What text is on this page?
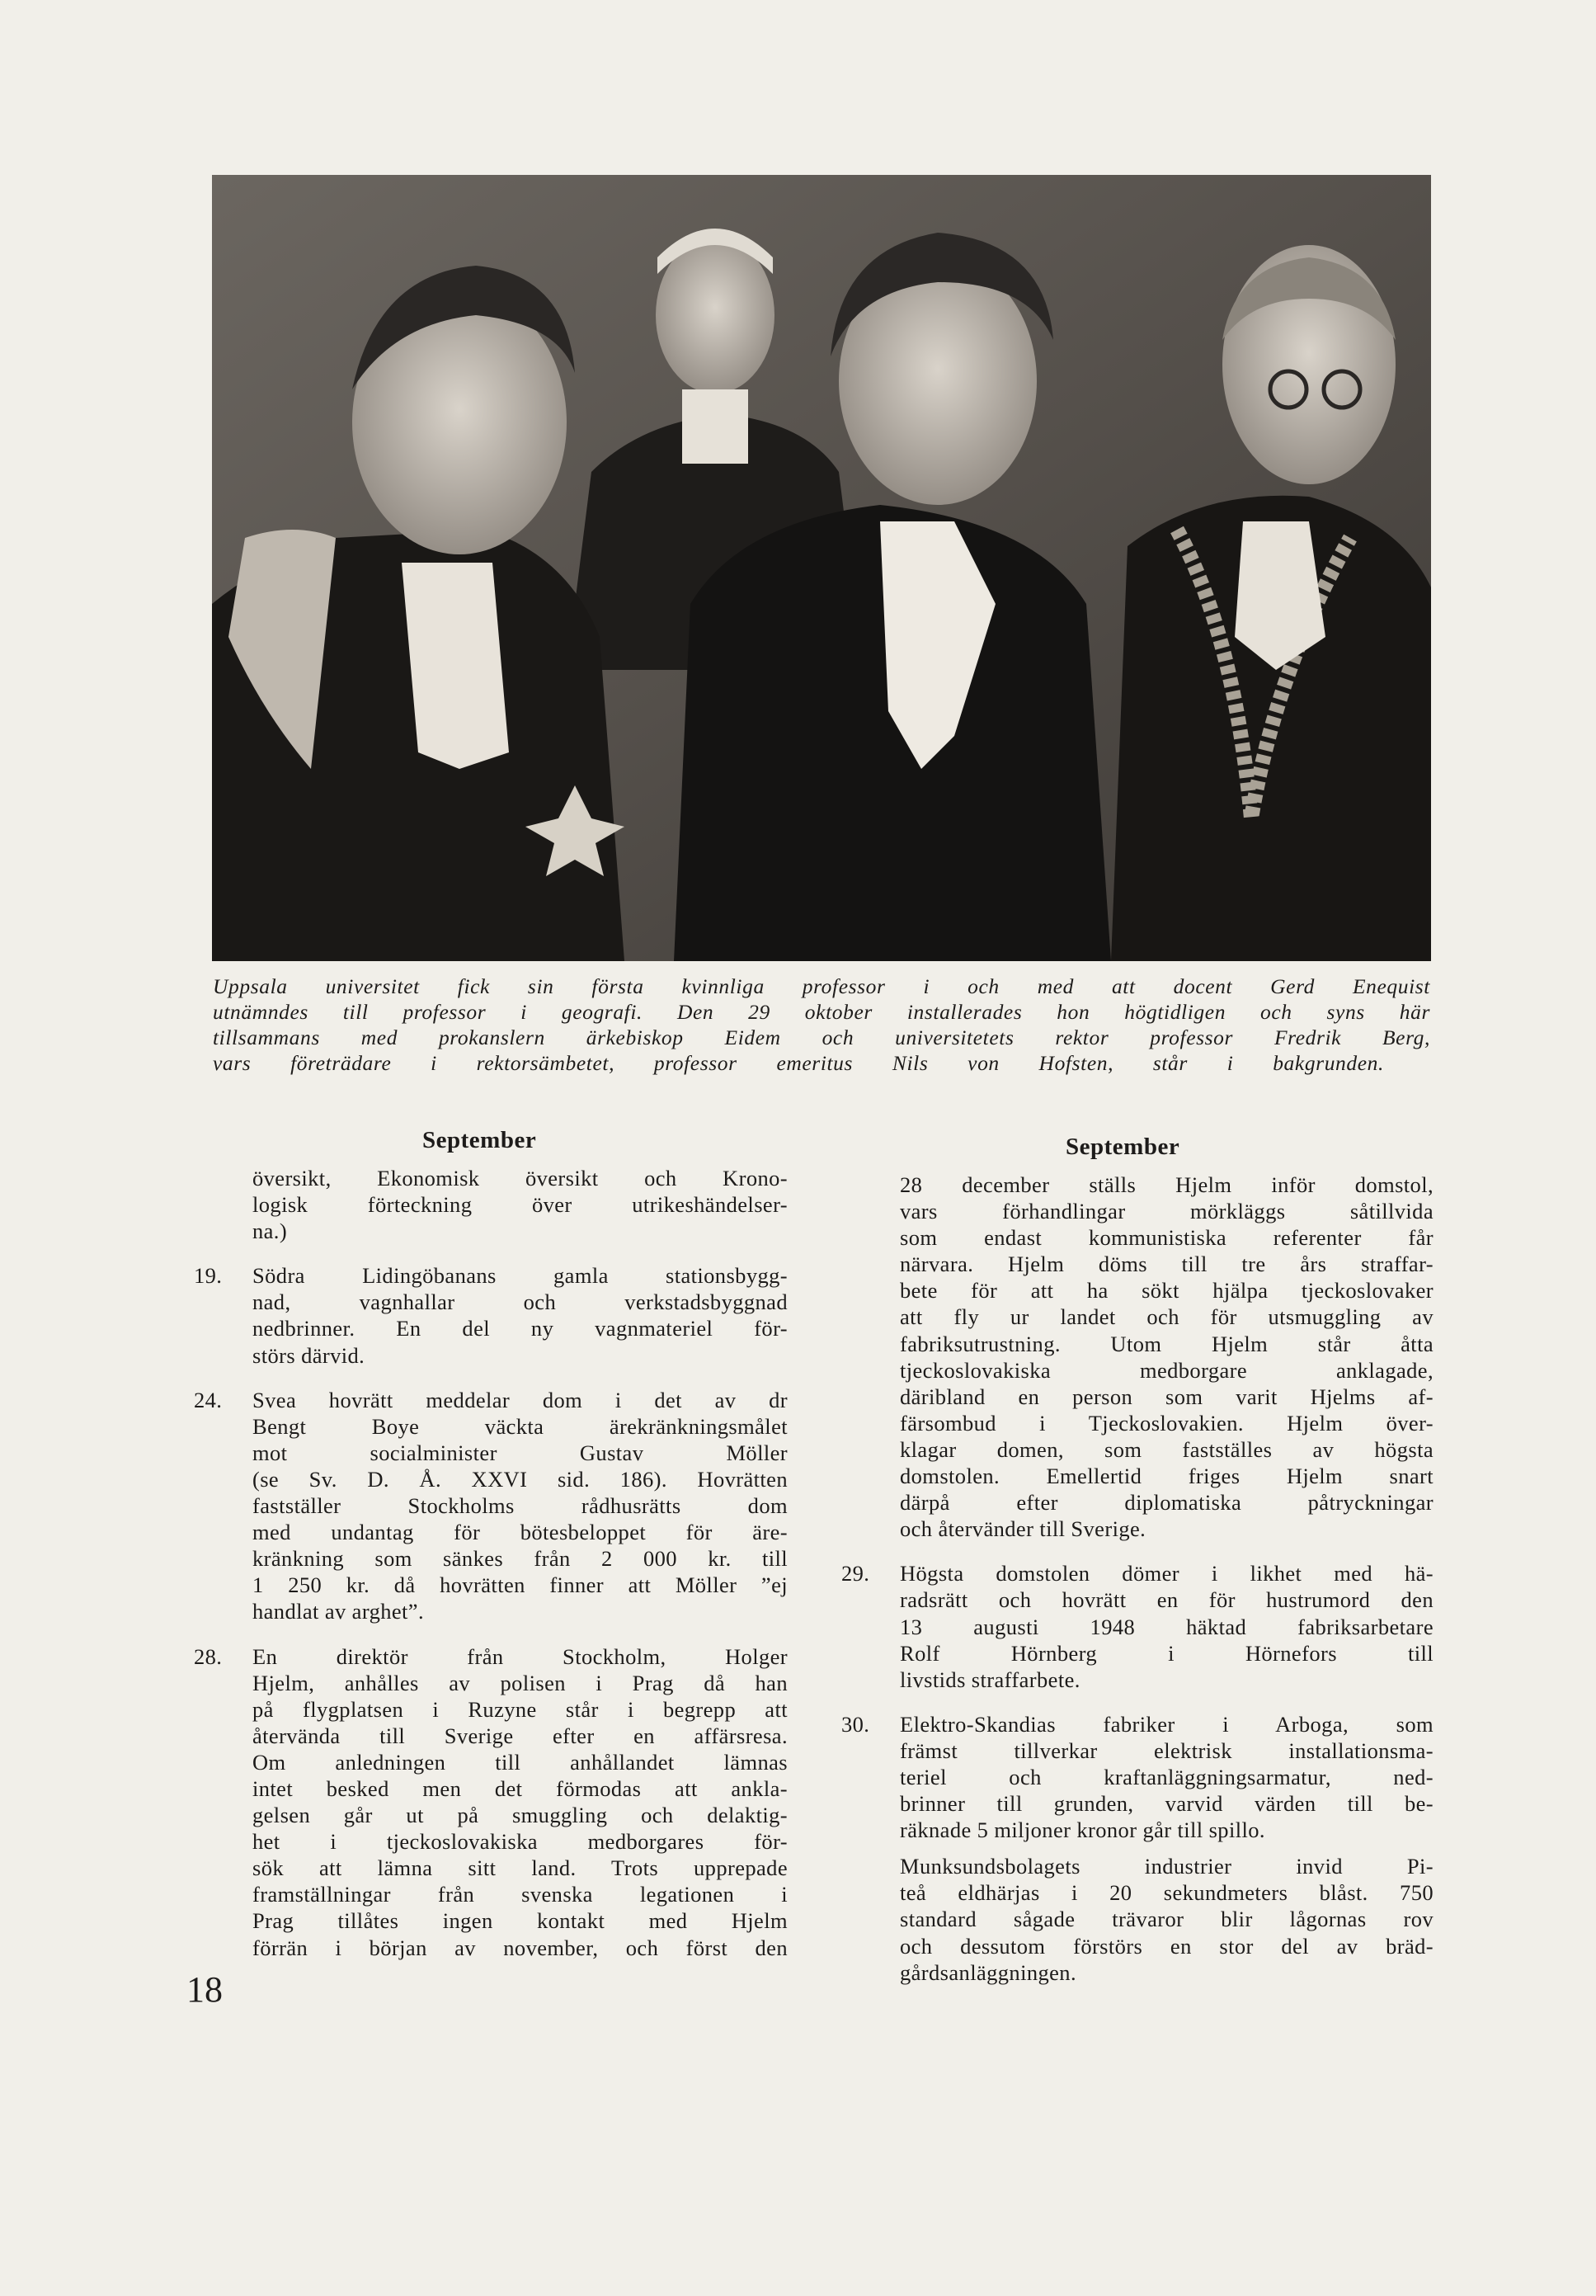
Uppsala universitet fick sin första kvinnliga professor i och med att docent Gerd Enequist
utnämndes till professor i geografi. Den 29 oktober installerades hon högtidligen och syns här
tillsammans med prokanslern ärkebiskop Eidem och universitetets rektor professor Fredrik Berg,
vars företrädare i rektorsämbetet, professor emeritus Nils von Hofsten, står i bakgrunden.
September	September
översikt, Ekonomisk översikt och Krono-
logisk förteckning över utrikeshändelser-
na.)
19. Södra Lidingöbanans gamla stationsbygg-
nad, vagnhallar och verkstadsbyggnad
nedbrinner. En del ny vagnmateriel för-
störs därvid.
24. Svea hovrätt meddelar dom i det av dr
Bengt Boye väckta ärekränkningsmålet
mot socialminister Gustav Möller
(se Sv. D. Å. XXVI sid. 186). Hovrätten
fastställer Stockholms rådhusrätts dom
med undantag för bötesbeloppet för äre-
kränkning som sänkes från 2 000 kr. till
1 250 kr. då hovrätten finner att Möller ”ej
handlat av arghet”.
28. En direktör från Stockholm, Holger
Hjelm, anhålles av polisen i Prag då han
på flygplatsen i Ruzyne står i begrepp att
återvända till Sverige efter en affärsresa.
Om anledningen till anhållandet lämnas
intet besked men det förmodas att ankla-
gelsen går ut på smuggling och delaktig-
het i tjeckoslovakiska medborgares för-
sök att lämna sitt land. Trots upprepade
framställningar från svenska legationen i
Prag tillåtes ingen kontakt med Hjelm
förrän i början av november, och först den
28 december ställs Hjelm inför domstol,
vars förhandlingar mörkläggs såtillvida
som endast kommunistiska referenter får
närvara. Hjelm döms till tre års straffar-
bete för att ha sökt hjälpa tjeckoslovaker
att fly ur landet och för utsmuggling av
fabriksutrustning. Utom Hjelm står åtta
tjeckoslovakiska medborgare anklagade,
däribland en person som varit Hjelms af-
färsombud i Tjeckoslovakien. Hjelm över-
klagar domen, som fastställes av högsta
domstolen. Emellertid friges Hjelm snart
därpå efter diplomatiska påtryckningar
och återvänder till Sverige.
29. Högsta domstolen dömer i likhet med hä-
radsrätt och hovrätt en för hustrumord den
13 augusti 1948 häktad fabriksarbetare
Rolf Hörnberg i Hörnefors till
livstids straffarbete.
30. Elektro-Skandias fabriker i Arboga, som
främst tillverkar elektrisk installationsma-
teriel och kraftanläggningsarmatur, ned-
brinner till grunden, varvid värden till be-
räknade 5 miljoner kronor går till spillo.
Munksundsbolagets industrier invid Pi-
teå eldhärjas i 20 sekundmeters blåst. 750
standard sågade trävaror blir lågornas rov
och dessutom förstörs en stor del av bräd-
gårdsanläggningen.
18
